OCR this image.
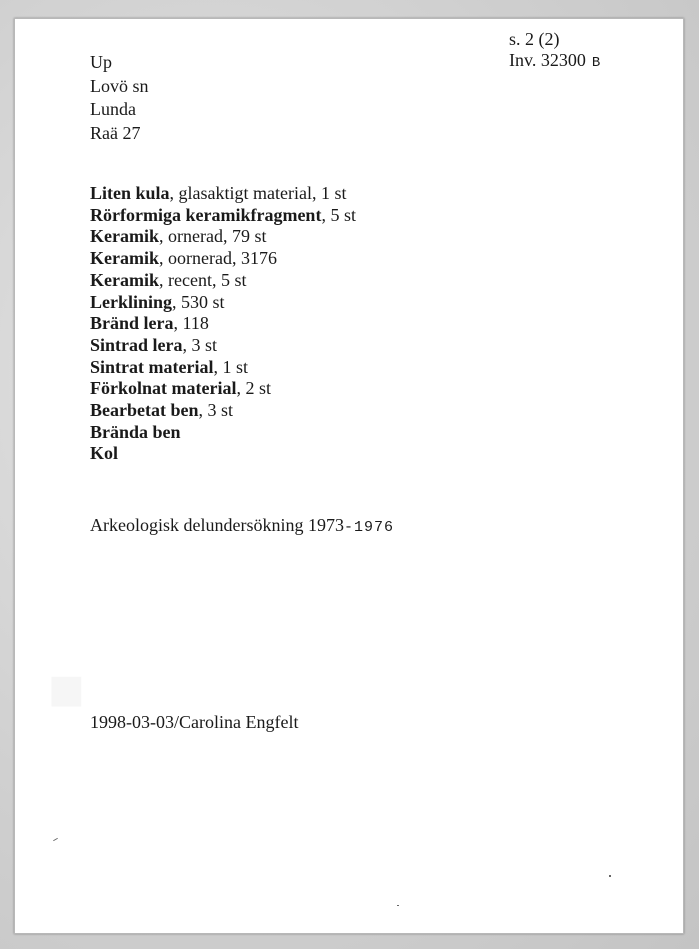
Up
Lovö sn
Lunda
Raä 27
s. 2 (2)
Inv. 32300 B
Liten kula, glasaktigt material, 1 st
Rörformiga keramikfragment, 5 st
Keramik, ornerad, 79 st
Keramik, oornerad, 3176
Keramik, recent, 5 st
Lerklining, 530 st
Bränd lera, 118
Sintrad lera, 3 st
Sintrat material, 1 st
Förkolnat material, 2 st
Bearbetat ben, 3 st
Brända ben
Kol
Arkeologisk delundersökning 1973-1976
1998-03-03/Carolina Engfelt
